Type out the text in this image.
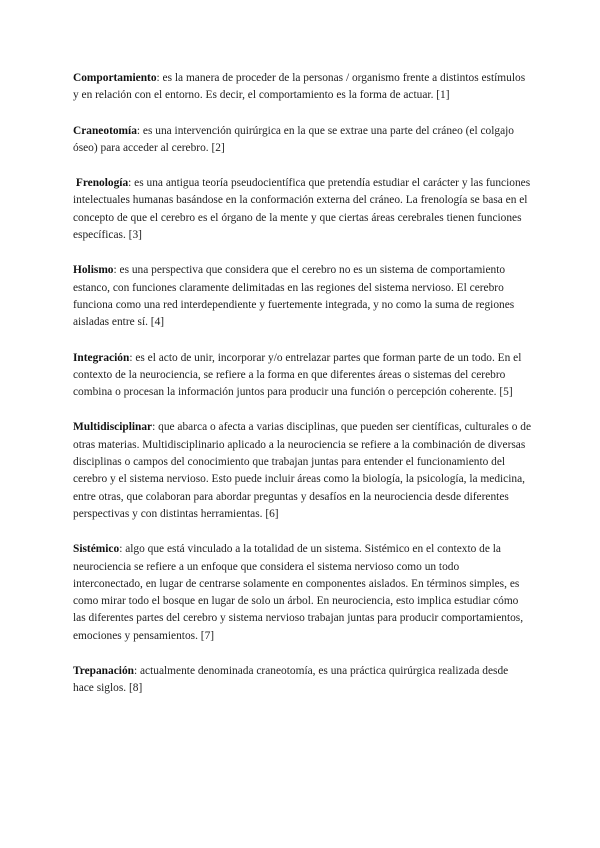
Comportamiento: es la manera de proceder de la personas / organismo frente a distintos estímulos y en relación con el entorno. Es decir, el comportamiento es la forma de actuar. [1]

Craneotomía: es una intervención quirúrgica en la que se extrae una parte del cráneo (el colgajo óseo) para acceder al cerebro. [2]

Frenología: es una antigua teoría pseudocientífica que pretendía estudiar el carácter y las funciones intelectuales humanas basándose en la conformación externa del cráneo. La frenología se basa en el concepto de que el cerebro es el órgano de la mente y que ciertas áreas cerebrales tienen funciones específicas. [3]

Holismo: es una perspectiva que considera que el cerebro no es un sistema de comportamiento estanco, con funciones claramente delimitadas en las regiones del sistema nervioso. El cerebro funciona como una red interdependiente y fuertemente integrada, y no como la suma de regiones aisladas entre sí. [4]

Integración: es el acto de unir, incorporar y/o entrelazar partes que forman parte de un todo. En el contexto de la neurociencia, se refiere a la forma en que diferentes áreas o sistemas del cerebro combina o procesan la información juntos para producir una función o percepción coherente. [5]

Multidisciplinar: que abarca o afecta a varias disciplinas, que pueden ser científicas, culturales o de otras materias. Multidisciplinario aplicado a la neurociencia se refiere a la combinación de diversas disciplinas o campos del conocimiento que trabajan juntas para entender el funcionamiento del cerebro y el sistema nervioso. Esto puede incluir áreas como la biología, la psicología, la medicina, entre otras, que colaboran para abordar preguntas y desafíos en la neurociencia desde diferentes perspectivas y con distintas herramientas. [6]

Sistémico: algo que está vinculado a la totalidad de un sistema. Sistémico en el contexto de la neurociencia se refiere a un enfoque que considera el sistema nervioso como un todo interconectado, en lugar de centrarse solamente en componentes aislados. En términos simples, es como mirar todo el bosque en lugar de solo un árbol. En neurociencia, esto implica estudiar cómo las diferentes partes del cerebro y sistema nervioso trabajan juntas para producir comportamientos, emociones y pensamientos. [7]

Trepanación: actualmente denominada craneotomía, es una práctica quirúrgica realizada desde hace siglos. [8]
